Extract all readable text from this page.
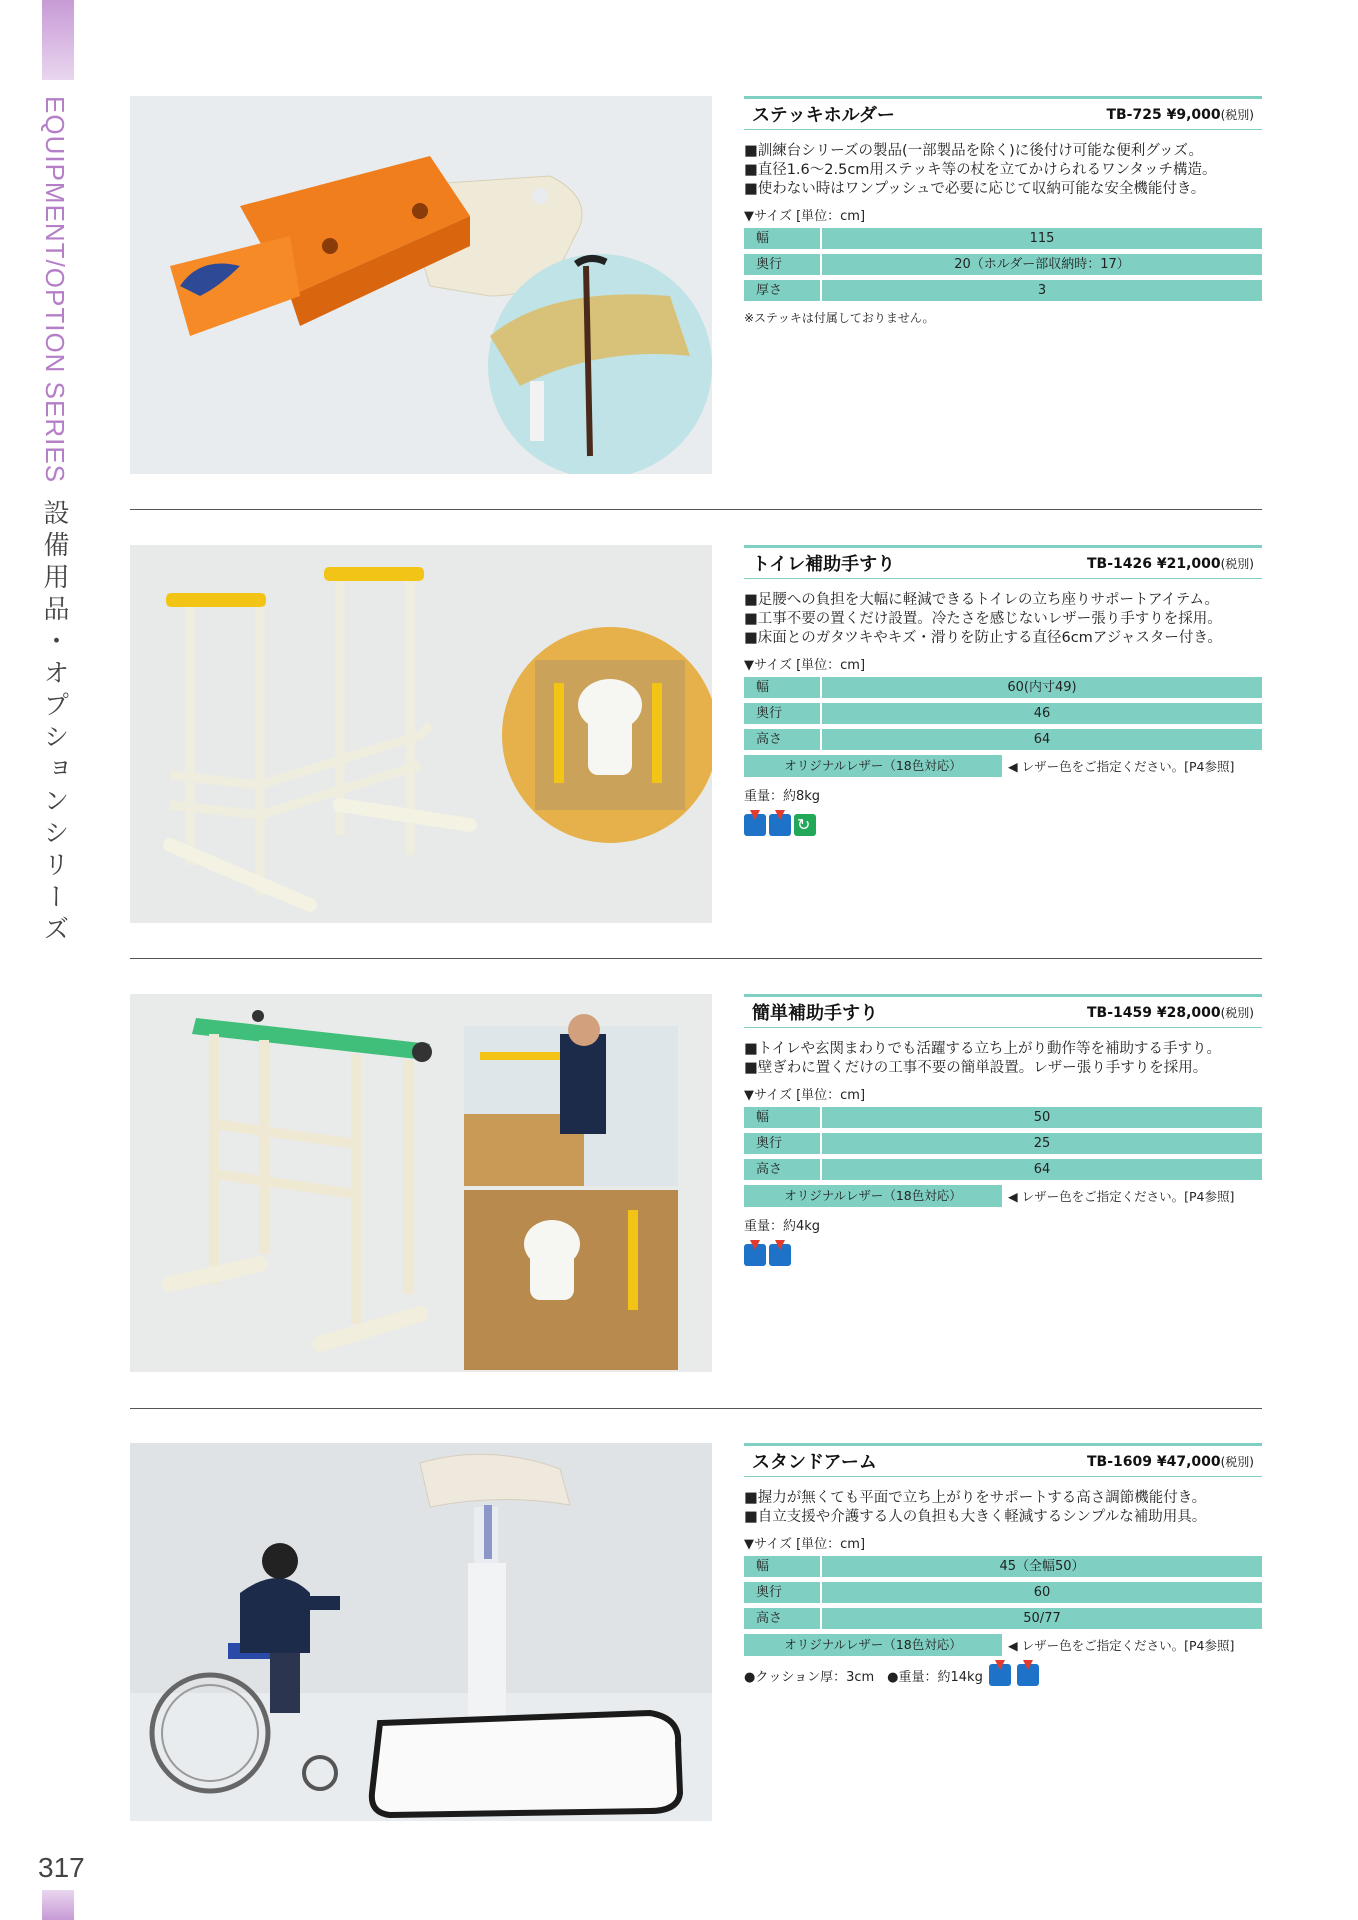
EQUIPMENT/OPTION SERIES 設備用品・オプションシリーズ
317
ステッキホルダー	TB-725 ¥9,000(税別)
■訓練台シリーズの製品(一部製品を除く)に後付け可能な便利グッズ。
■直径1.6〜2.5cm用ステッキ等の杖を立てかけられるワンタッチ構造。
■使わない時はワンプッシュで必要に応じて収納可能な安全機能付き。
▼サイズ [単位：cm]
幅	115
奥行	20（ホルダー部収納時：17）
厚さ	3
※ステッキは付属しておりません。
トイレ補助手すり	TB-1426 ¥21,000(税別)
■足腰への負担を大幅に軽減できるトイレの立ち座りサポートアイテム。
■工事不要の置くだけ設置。冷たさを感じないレザー張り手すりを採用。
■床面とのガタツキやキズ・滑りを防止する直径6cmアジャスター付き。
▼サイズ [単位：cm]
幅	60(内寸49)
奥行	46
高さ	64
オリジナルレザー（18色対応）	◀ レザー色をご指定ください。[P4参照]
重量：約8kg
↻
簡単補助手すり	TB-1459 ¥28,000(税別)
■トイレや玄関まわりでも活躍する立ち上がり動作等を補助する手すり。
■壁ぎわに置くだけの工事不要の簡単設置。レザー張り手すりを採用。
▼サイズ [単位：cm]
幅	50
奥行	25
高さ	64
オリジナルレザー（18色対応）	◀ レザー色をご指定ください。[P4参照]
重量：約4kg
スタンドアーム	TB-1609 ¥47,000(税別)
■握力が無くても平面で立ち上がりをサポートする高さ調節機能付き。
■自立支援や介護する人の負担も大きく軽減するシンプルな補助用具。
▼サイズ [単位：cm]
幅	45（全幅50）
奥行	60
高さ	50/77
オリジナルレザー（18色対応）	◀ レザー色をご指定ください。[P4参照]
●クッション厚：3cm　●重量：約14kg
